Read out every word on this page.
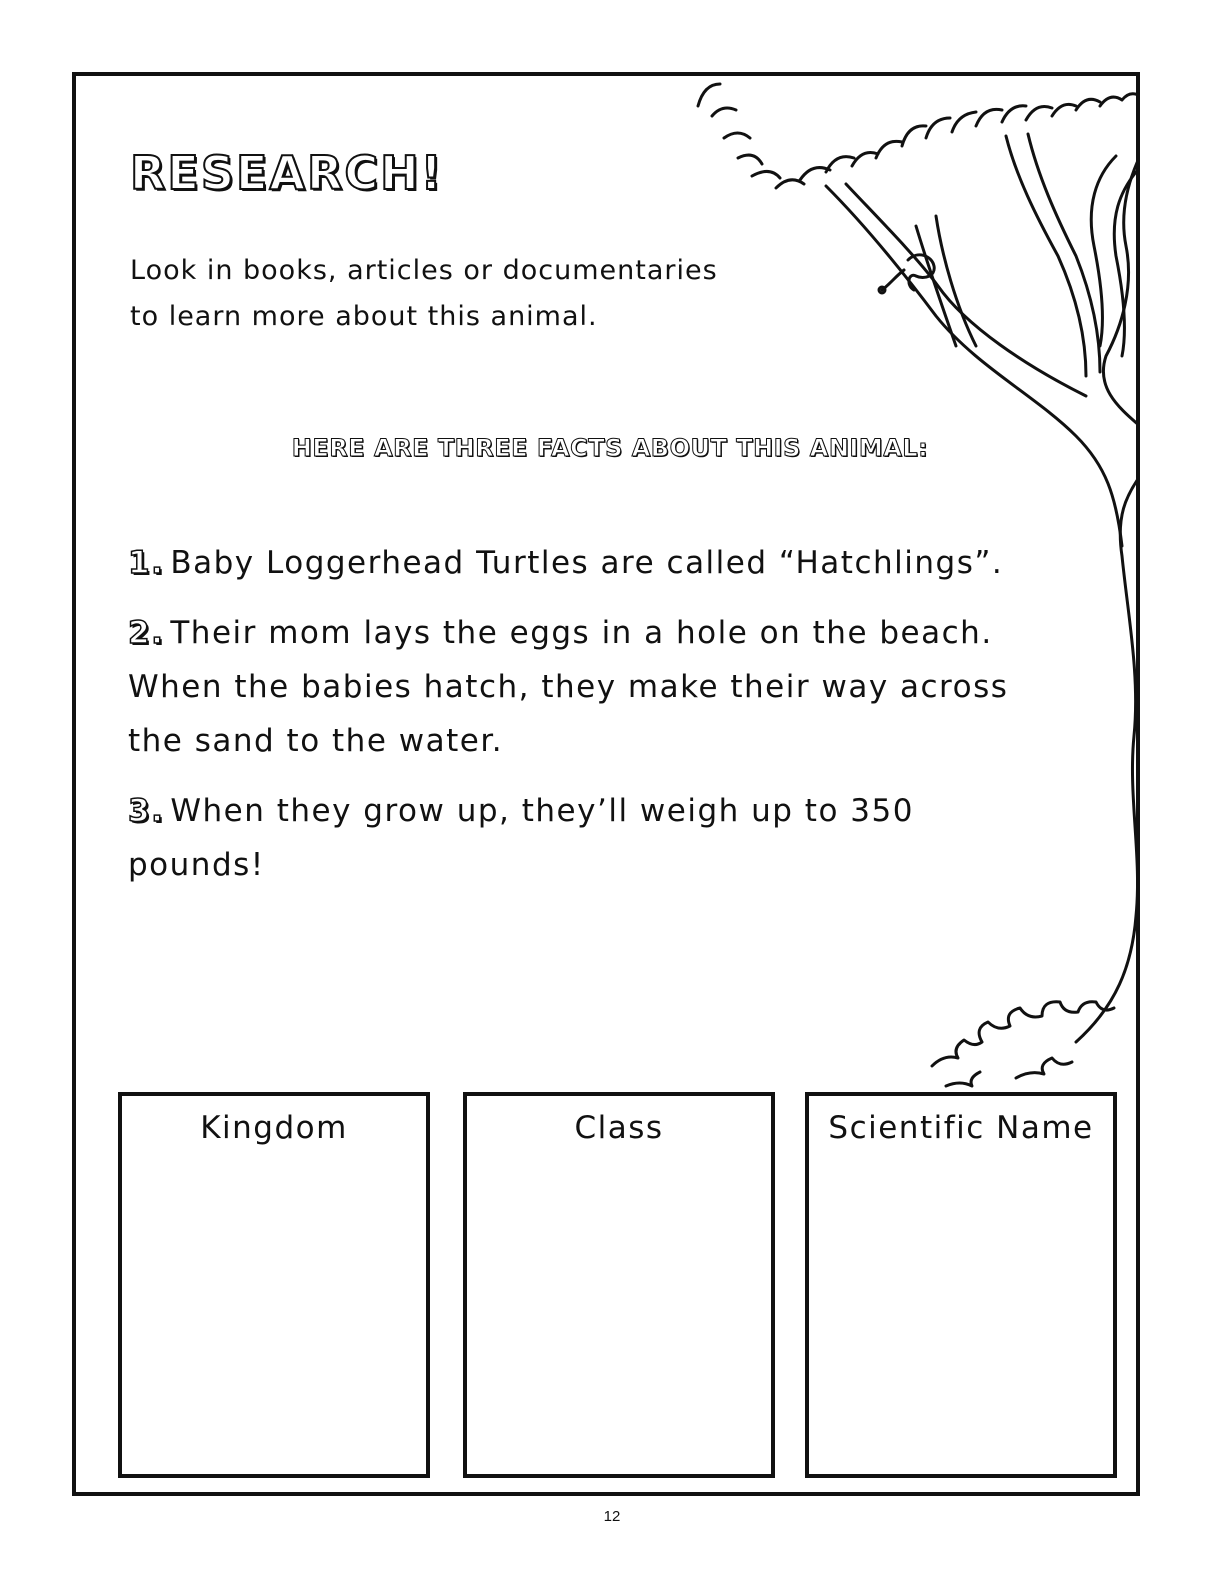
RESEARCH!

Look in books, articles or documentaries
to learn more about this animal.

HERE ARE THREE FACTS ABOUT THIS ANIMAL:
1. Baby Loggerhead Turtles are called “Hatchlings”.
2. Their mom lays the eggs in a hole on the beach. When the babies hatch, they make their way across the sand to the water.
3. When they grow up, they’ll weigh up to 350 pounds!
Kingdom	Class	Scientific Name
12
